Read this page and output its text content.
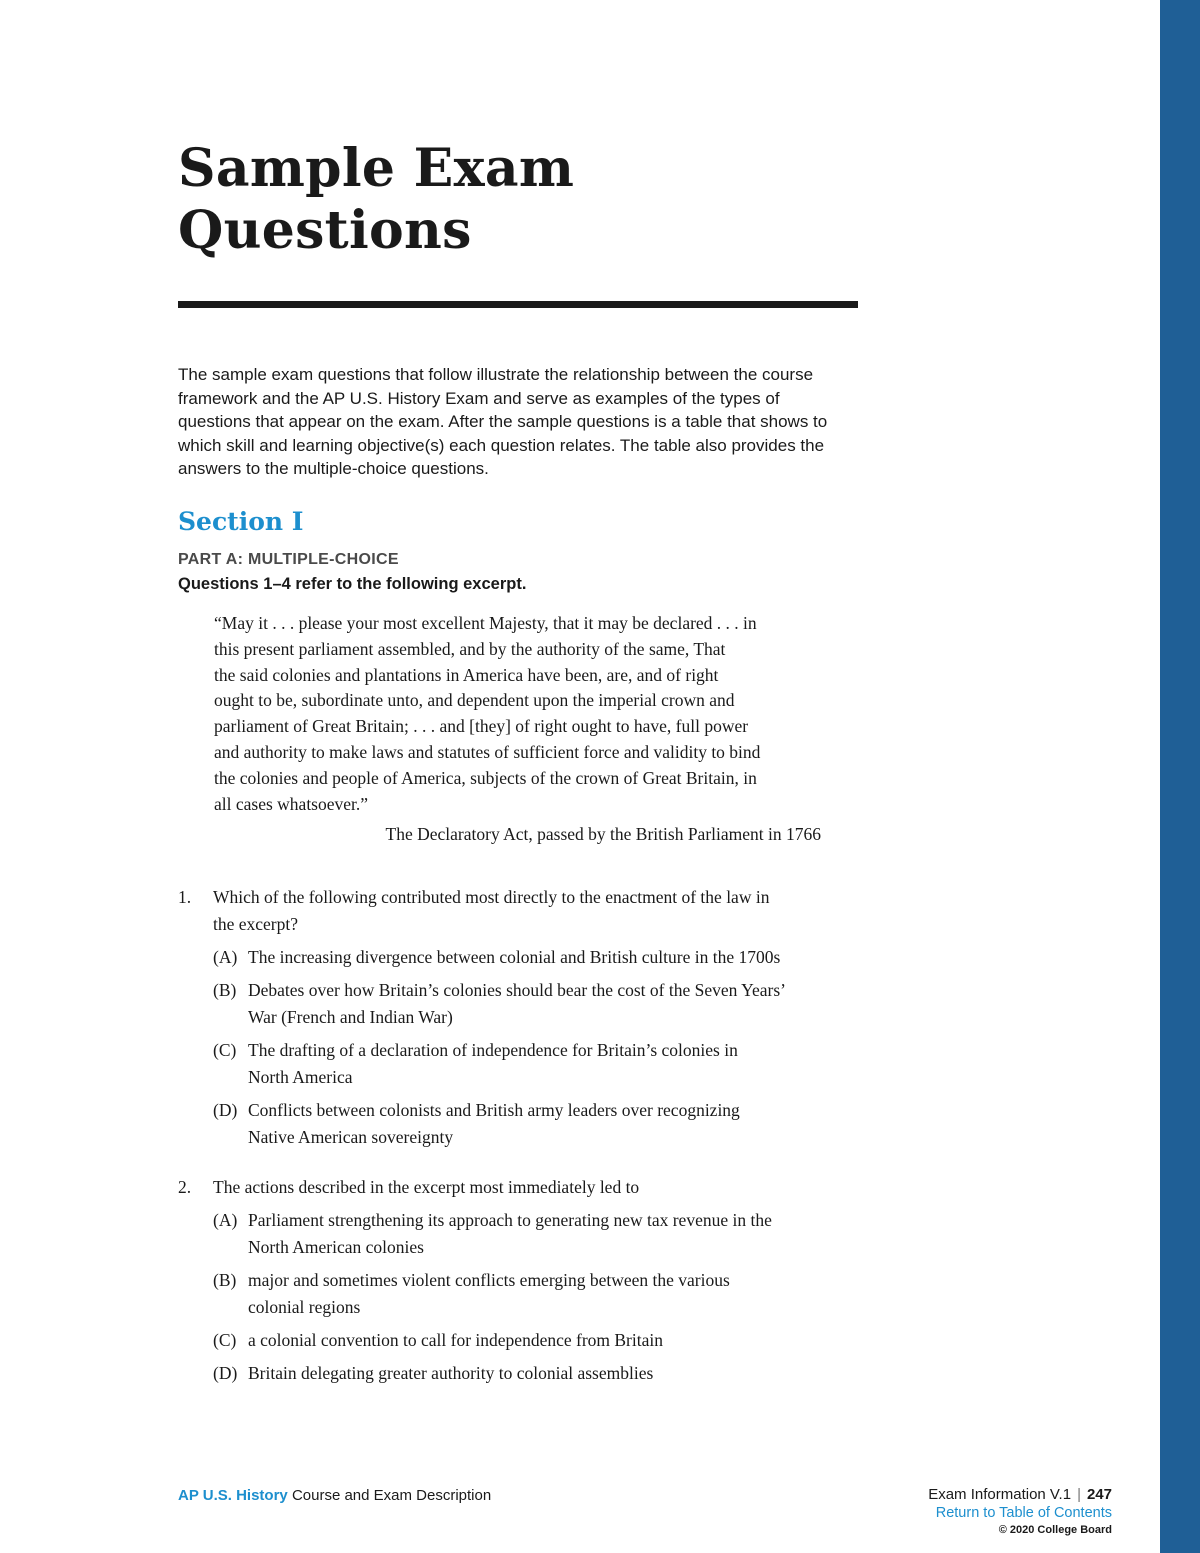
Sample Exam
Questions

The sample exam questions that follow illustrate the relationship between the course
framework and the AP U.S. History Exam and serve as examples of the types of
questions that appear on the exam. After the sample questions is a table that shows to
which skill and learning objective(s) each question relates. The table also provides the
answers to the multiple-choice questions.

Section I
PART A: MULTIPLE-CHOICE
Questions 1–4 refer to the following excerpt.
“May it . . . please your most excellent Majesty, that it may be declared . . . in
this present parliament assembled, and by the authority of the same, That
the said colonies and plantations in America have been, are, and of right
ought to be, subordinate unto, and dependent upon the imperial crown and
parliament of Great Britain; . . . and [they] of right ought to have, full power
and authority to make laws and statutes of sufficient force and validity to bind
the colonies and people of America, subjects of the crown of Great Britain, in
all cases whatsoever.”
The Declaratory Act, passed by the British Parliament in 1766
1. Which of the following contributed most directly to the enactment of the law in
the excerpt?
(A) The increasing divergence between colonial and British culture in the 1700s
(B) Debates over how Britain’s colonies should bear the cost of the Seven Years’
War (French and Indian War)
(C) The drafting of a declaration of independence for Britain’s colonies in
North America
(D) Conflicts between colonists and British army leaders over recognizing
Native American sovereignty
2. The actions described in the excerpt most immediately led to
(A) Parliament strengthening its approach to generating new tax revenue in the
North American colonies
(B) major and sometimes violent conflicts emerging between the various
colonial regions
(C) a colonial convention to call for independence from Britain
(D) Britain delegating greater authority to colonial assemblies
AP U.S. History Course and Exam Description	Exam Information V.1 | 247
Return to Table of Contents
© 2020 College Board
